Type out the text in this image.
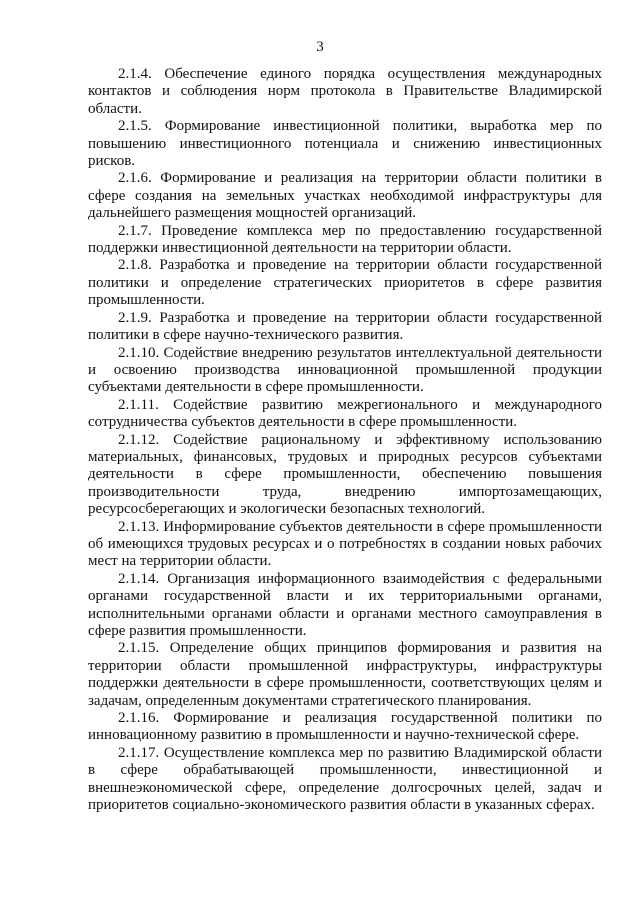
3

2.1.4. Обеспечение единого порядка осуществления международных контактов и соблюдения норм протокола в Правительстве Владимирской области.

2.1.5. Формирование инвестиционной политики, выработка мер по повышению инвестиционного потенциала и снижению инвестиционных рисков.

2.1.6. Формирование и реализация на территории области политики в сфере создания на земельных участках необходимой инфраструктуры для дальнейшего размещения мощностей организаций.

2.1.7. Проведение комплекса мер по предоставлению государственной поддержки инвестиционной деятельности на территории области.

2.1.8. Разработка и проведение на территории области государственной политики и определение стратегических приоритетов в сфере развития промышленности.

2.1.9. Разработка и проведение на территории области государственной политики в сфере научно-технического развития.

2.1.10. Содействие внедрению результатов интеллектуальной деятельности и освоению производства инновационной промышленной продукции субъектами деятельности в сфере промышленности.

2.1.11. Содействие развитию межрегионального и международного сотрудничества субъектов деятельности в сфере промышленности.

2.1.12. Содействие рациональному и эффективному использованию материальных, финансовых, трудовых и природных ресурсов субъектами деятельности в сфере промышленности, обеспечению повышения производительности труда, внедрению импортозамещающих, ресурсосберегающих и экологически безопасных технологий.

2.1.13. Информирование субъектов деятельности в сфере промышленности об имеющихся трудовых ресурсах и о потребностях в создании новых рабочих мест на территории области.

2.1.14. Организация информационного взаимодействия с федеральными органами государственной власти и их территориальными органами, исполнительными органами области и органами местного самоуправления в сфере развития промышленности.

2.1.15. Определение общих принципов формирования и развития на территории области промышленной инфраструктуры, инфраструктуры поддержки деятельности в сфере промышленности, соответствующих целям и задачам, определенным документами стратегического планирования.

2.1.16. Формирование и реализация государственной политики по инновационному развитию в промышленности и научно-технической сфере.

2.1.17. Осуществление комплекса мер по развитию Владимирской области в сфере обрабатывающей промышленности, инвестиционной и внешнеэкономической сфере, определение долгосрочных целей, задач и приоритетов социально-экономического развития области в указанных сферах.
